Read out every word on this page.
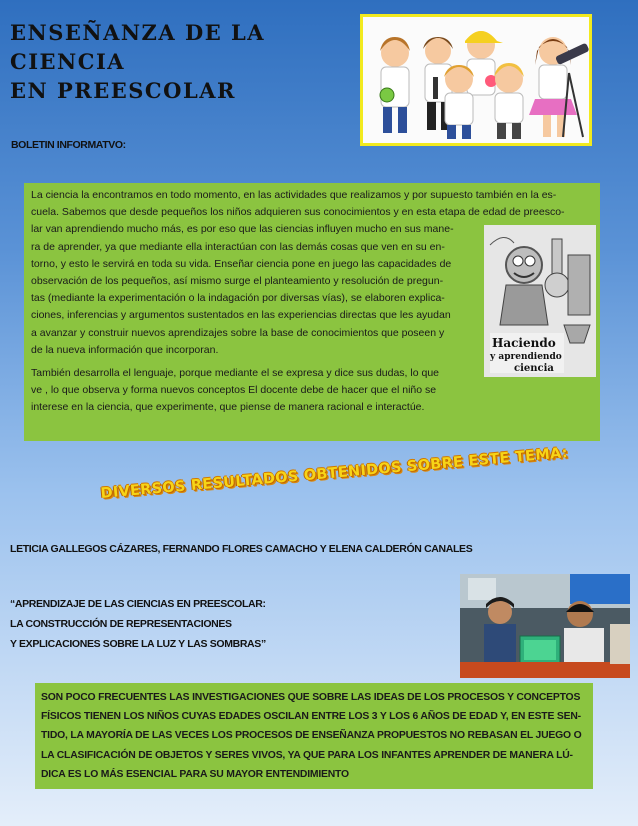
ENSEÑANZA DE LA CIENCIA
EN PREESCOLAR
BOLETIN INFORMATVO:
La ciencia la encontramos en todo momento, en las actividades que realizamos y por supuesto también en la es-
cuela. Sabemos que desde pequeños los niños adquieren sus conocimientos y en esta etapa de edad de preesco-
lar van aprendiendo mucho más, es por eso que las ciencias influyen mucho en sus mane-
ra de aprender, ya que mediante ella interactúan con las demás cosas que ven en su en-
torno, y esto le servirá en toda su vida. Enseñar ciencia pone en juego las capacidades de
observación de los pequeños, así mismo surge el planteamiento y resolución de pregun-
tas (mediante la experimentación o la indagación por diversas vías), se elaboren explica-
ciones, inferencias y argumentos sustentados en las experiencias directas que les ayudan
a avanzar y construir nuevos aprendizajes sobre la base de conocimientos que poseen y
de la nueva información que incorporan.
También desarrolla el lenguaje, porque mediante el se expresa y dice sus dudas, lo que
ve , lo que observa y forma nuevos conceptos El docente debe de hacer que el niño se
interese en la ciencia, que experimente, que piense de manera racional e interactúe.
Haciendo
y aprendiendo
ciencia
DIVERSOS RESULTADOS OBTENIDOS SOBRE ESTE TEMA:
LETICIA GALLEGOS CÁZARES, FERNANDO FLORES CAMACHO Y ELENA CALDERÓN CANALES
“APRENDIZAJE DE LAS CIENCIAS EN PREESCOLAR:
LA CONSTRUCCIÓN DE REPRESENTACIONES
Y EXPLICACIONES SOBRE LA LUZ Y LAS SOMBRAS”
SON POCO FRECUENTES LAS INVESTIGACIONES QUE SOBRE LAS IDEAS DE LOS PROCESOS Y CONCEPTOS
FÍSICOS TIENEN LOS NIÑOS CUYAS EDADES OSCILAN ENTRE LOS 3 Y LOS 6 AÑOS DE EDAD Y, EN ESTE SEN-
TIDO, LA MAYORÍA DE LAS VECES LOS PROCESOS DE ENSEÑANZA PROPUESTOS NO REBASAN EL JUEGO O
LA CLASIFICACIÓN DE OBJETOS Y SERES VIVOS, YA QUE PARA LOS INFANTES APRENDER DE MANERA LÚ-
DICA ES LO MÁS ESENCIAL PARA SU MAYOR ENTENDIMIENTO
